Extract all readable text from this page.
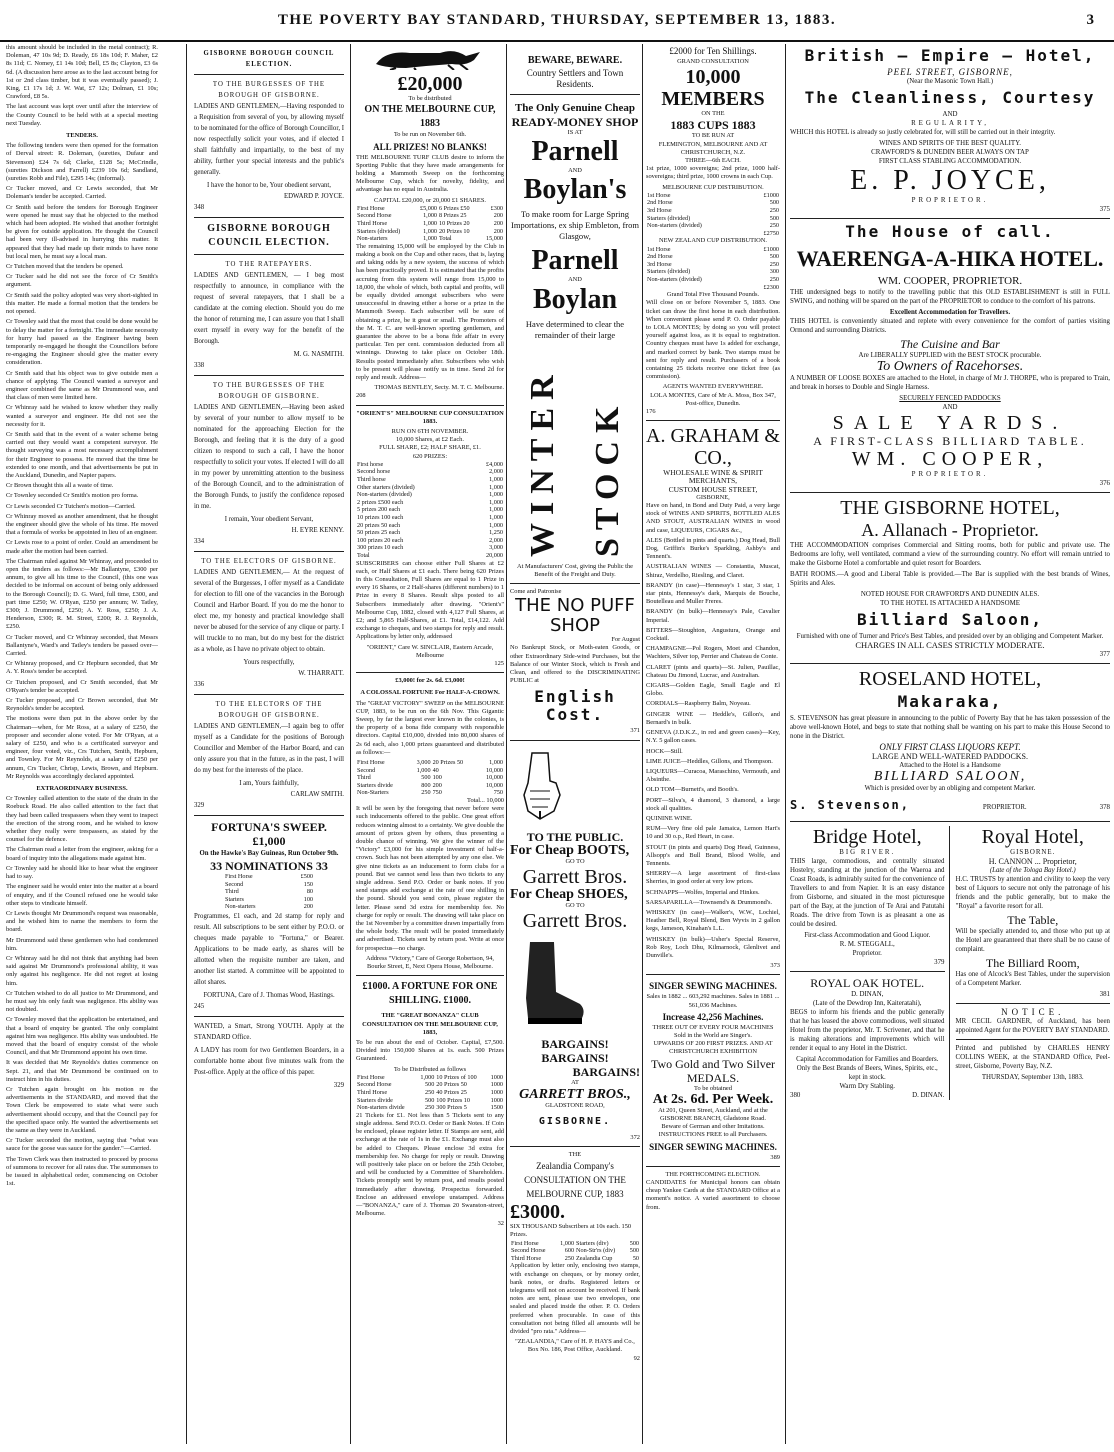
THE POVERTY BAY STANDARD, THURSDAY, SEPTEMBER 13, 1883.	3

this amount should be included in the metal contract); R. Doleman, 47 10s 9d; D. Ready, £6 18s 10d; F. Maher, £2 8s 11d; C. Nomey, £1 14s 10d; Bell, £5 8s; Clayton, £3 6s 6d. (A discussion here arose as to the last account being for 1st or 2nd class timber, but it was eventually passed); J. King, £1 17s 1d; J. W. Wat, £7 12s; Dolman, £1 10s; Crawford, £8 5s.

The last account was kept over until after the interview of the County Council to be held with at a special meeting next Tuesday.

TENDERS.

The following tenders were then opened for the formation of Derval street: R. Doleman, (sureties, Dufaur and Stevenson) £24 7s 6d; Clarke, £128 5s; McCrindle, (sureties Dickson and Farrell) £239 10s 6d; Sandland, (sureties Robb and File), £295 14s; (informal).

Cr Tucker moved, and Cr Lewis seconded, that Mr Doleman's tender be accepted. Carried.

Cr Smith said before the tenders for Borough Engineer were opened he must say that he objected to the method which had been adopted. He wished that another fortnight be given for outside application. He thought the Council had been very ill-advised in hurrying this matter. It appeared that they had made up their minds to have none but local men, he must say a local man.

Cr Tutchen moved that the tenders be opened.

Cr Tucker said he did not see the force of Cr Smith's argument.

Cr Smith said the policy adopted was very short-sighted in this matter. He made a formal motion that the tenders be not opened.

Cr Townley said that the most that could be done would be to delay the matter for a fortnight. The immediate necessity for hurry had passed as the Engineer having been temporarily re-engaged he thought the Councillors before re-engaging the Engineer should give the matter every consideration.

Cr Smith said that his object was to give outside men a chance of applying. The Council wanted a surveyor and engineer combined the same as Mr Drummond was, and that class of men were limited here.

Cr Whinray said he wished to know whether they really wanted a surveyor and engineer. He did not see the necessity for it.

Cr Smith said that in the event of a water scheme being carried out they would want a competent surveyor. He thought surveying was a most necessary accomplishment for their Engineer to possess. He moved that the time be extended to one month, and that advertisements be put in the Auckland, Dunedin, and Napier papers.

Cr Brown thought this all a waste of time.

Cr Townley seconded Cr Smith's motion pro forma.

Cr Lewis seconded Cr Tutchen's motion—Carried.

Cr Whinray moved as another amendment, that he thought the engineer should give the whole of his time. He moved that a formula of works be appointed in lieu of an engineer.

Cr Lewis rose to a point of order. Could an amendment be made after the motion had been carried.

The Chairman ruled against Mr Whinray, and proceeded to open the tenders as follows:—Mr Ballantyne, £300 per annum, to give all his time to the Council, (this one was decided to be informal on account of being only addressed to the Borough Council); D. G. Ward, full time, £300, and part time £250; W. O'Ryan, £250 per annum; W. Tatley, £300; J. Drummond, £250; A. Y. Ross, £250; J. A. Henderson, £300; R. M. Street, £200; R. J. Reynolds, £250.

Cr Tucker moved, and Cr Whinray seconded, that Messrs Ballantyne's, Ward's and Tatley's tenders be passed over—Carried.

Cr Whinray proposed, and Cr Hepburn seconded, that Mr A. Y. Ross's tender be accepted.

Cr Tutchen proposed, and Cr Smith seconded, that Mr O'Ryan's tender be accepted.

Cr Tucker proposed, and Cr Brown seconded, that Mr Reynolds's tender be accepted.

The motions were then put in the above order by the Chairman—when, for Mr Ross, at a salary of £250, the proposer and seconder alone voted. For Mr O'Ryan, at a salary of £250, and who is a certificated surveyor and engineer, four voted, viz., Crs Tutchen, Smith, Hepburn, and Townley. For Mr Reynolds, at a salary of £250 per annum, Crs Tucker, Chrisp, Lewis, Brown, and Hepburn. Mr Reynolds was accordingly declared appointed.

EXTRAORDINARY BUSINESS.

Cr Townley called attention to the state of the drain in the Roebuck Road. He also called attention to the fact that they had been called trespassers when they went to inspect the erection of the strong room, and he wished to know whether they really were trespassers, as stated by the counsel for the defence.

The Chairman read a letter from the engineer, asking for a board of inquiry into the allegations made against him.

Cr Townley said he should like to hear what the engineer had to say.

The engineer said he would enter into the matter at a board of enquiry, and if the Council refused one he would take other steps to vindicate himself.

Cr Lewis thought Mr Drummond's request was reasonable, and he wished him to name the members to form the board.

Mr Drummond said these gentlemen who had condemned him.

Cr Whinray said he did not think that anything had been said against Mr Drummond's professional ability, it was only against his negligence. He did not regret at losing him.

Cr Tutchen wished to do all justice to Mr Drummond, and he must say his only fault was negligence. His ability was not doubted.

Cr Townley moved that the application be entertained, and that a board of enquiry be granted. The only complaint against him was negligence. His ability was undoubted. He moved that the board of enquiry consist of the whole Council, and that Mr Drummond appoint his own time.

It was decided that Mr Reynolds's duties commence on Sept. 21, and that Mr Drummond be continued on to instruct him in his duties.

Cr Tutchen again brought on his motion re the advertisements in the STANDARD, and moved that the Town Clerk be empowered to state what were such advertisement should occupy, and that the Council pay for the specified space only. He wanted the advertisements set the same as they were in Auckland.

Cr Tucker seconded the motion, saying that "what was sauce for the goose was sauce for the gander."—Carried.

The Town Clerk was then instructed to proceed by process of summons to recover for all rates due. The summonses to be issued in alphabetical order, commencing on October 1st.

GISBORNE BOROUGH COUNCIL ELECTION.
TO THE BURGESSES OF THE BOROUGH OF GISBORNE.

LADIES AND GENTLEMEN,—Having responded to a Requisition from several of you, by allowing myself to be nominated for the office of Borough Councillor, I now respectfully solicit your votes, and if elected I shall faithfully and impartially, to the best of my ability, further your special interests and the public's generally.

I have the honor to be, Your obedient servant,
EDWARD P. JOYCE.
348
GISBORNE BOROUGH COUNCIL ELECTION.
TO THE RATEPAYERS.

LADIES AND GENTLEMEN, — I beg most respectfully to announce, in compliance with the request of several ratepayers, that I shall be a candidate at the coming election. Should you do me the honor of returning me, I can assure you that I shall exert myself in every way for the benefit of the Borough.

M. G. NASMITH.
338
TO THE BURGESSES OF THE BOROUGH OF GISBORNE.

LADIES AND GENTLEMEN,—Having been asked by several of your number to allow myself to be nominated for the approaching Election for the Borough, and feeling that it is the duty of a good citizen to respond to such a call, I have the honor respectfully to solicit your votes. If elected I will do all in my power by unremitting attention to the business of the Borough Council, and to the administration of the Borough Funds, to justify the confidence reposed in me.

I remain, Your obedient Servant,
H. EYRE KENNY.
334
TO THE ELECTORS OF GISBORNE.

LADIES AND GENTLEMEN,— At the request of several of the Burgesses, I offer myself as a Candidate for election to fill one of the vacancies in the Borough Council and Harbor Board. If you do me the honor to elect me, my honesty and practical knowledge shall never be abused for the service of any clique or party. I will truckle to no man, but do my best for the district as a whole, as I have no private object to obtain.

Yours respectfully,
W. THARRATT.
336
TO THE ELECTORS OF THE BOROUGH OF GISBORNE.

LADIES AND GENTLEMEN,—I again beg to offer myself as a Candidate for the positions of Borough Councillor and Member of the Harbor Board, and can only assure you that in the future, as in the past, I will do my best for the interests of the place.

I am, Yours faithfully,
CARLAW SMITH.
329
FORTUNA'S SWEEP. £1,000
On the Hawke's Bay Guineas, Run October 9th.
33 NOMINATIONS 33
First Horse	£500
Second	150
Third	80
Starters	100
Non-starters	200

Programmes, £1 each, and 2d stamp for reply and result. All subscriptions to be sent either by P.O.O. or cheques made payable to "Fortuna," or Bearer. Applications to be made early, as shares will be allotted when the requisite number are taken, and another list started. A committee will be appointed to allot shares.

FORTUNA, Care of J. Thomas Wood, Hastings.
245

WANTED, a Smart, Strong YOUTH. Apply at the STANDARD Office.

A LADY has room for two Gentlemen Boarders, in a comfortable home about five minutes walk from the Post-office. Apply at the office of this paper.

329
£20,000
To be distributed
ON THE MELBOURNE CUP, 1883
To be run on November 6th.
ALL PRIZES! NO BLANKS!

THE MELBOURNE TURF CLUB desire to inform the Sporting Public that they have made arrangements for holding a Mammoth Sweep on the forthcoming Melbourne Cup, which for novelty, fidelity, and advantage has no equal in Australia.

CAPITAL £20,000, or 20,000 £1 SHARES.
First Horse	£5,000	6 Prizes £50	£300
Second Horse	1,000	8 Prizes 25	200
Third Horse	1,000	10 Prizes 20	200
Starters (divided)	1,000	20 Prizes 10	200
Non-starters	1,000	Total	15,000

The remaining 15,000 will be employed by the Club in making a book on the Cup and other races, that is, laying and taking odds by a new system, the success of which has been practically proved. It is estimated that the profits accruing from this system will range from 15,000 to 18,000, the whole of which, both capital and profits, will be equally divided amongst subscribers who were unsuccessful in drawing either a horse or a prize in the Mammoth Sweep. Each subscriber will be sure of obtaining a prize, be it great or small. The Promoters of the M. T. C. are well-known sporting gentlemen, and guarantee the above to be a bona fide affair in every particular. Ten per cent. commission deducted from all winnings. Drawing to take place on October 18th. Results posted immediately after. Subscribers who wish to be present will please notify us in time. Send 2d for reply and result. Address—

THOMAS BENTLEY, Secty. M. T. C. Melbourne.
208
"ORIENT'S" MELBOURNE CUP CONSULTATION 1883.
RUN ON 6TH NOVEMBER.
10,000 Shares, at £2 Each.
FULL SHARE, £2; HALF SHARE, £1.
620 PRIZES:
First horse	£4,000
Second horse	2,000
Third horse	1,000
Other starters (divided)	1,000
Non-starters (divided)	1,000
2 prizes £500 each	1,000
5 prizes 200 each	1,000
10 prizes 100 each	1,000
20 prizes 50 each	1,000
50 prizes 25 each	1,250
100 prizes 20 each	2,000
300 prizes 10 each	3,000
Total	20,000

SUBSCRIBERS can choose either Full Shares at £2 each, or Half Shares at £1 each. There being 620 Prizes in this Consultation, Full Shares are equal to 1 Prize in every 16 Shares, or 2 Half-shares (different numbers) to 1 Prize in every 8 Shares. Result slips posted to all Subscribers immediately after drawing. "Orient's" Melbourne Cup, 1882, closed with 4,127 Full Shares, at £2; and 5,865 Half-Shares, at £1. Total, £14,122. Add exchange to cheques, and two stamps for reply and result. Applications by letter only, addressed

"ORIENT," Care W. SINCLAIR, Eastern Arcade, Melbourne
125
£3,000! for 2s. 6d. £3,000!
A COLOSSAL FORTUNE For HALF-A-CROWN.

The "GREAT VICTORY" SWEEP on the MELBOURNE CUP, 1883, to be run on the 6th Nov. This Gigantic Sweep, by far the largest ever known in the colonies, is the property of a bona fide company with responsible directors. Capital £10,000, divided into 80,000 shares of 2s 6d each, also 1,000 prizes guaranteed and distributed as follows:—

First Horse	3,000	20 Prizes 50	1,000
Second	1,000	40	10,000
Third	500	100	10,000
Starters divide	800	200	10,000
Non-Starters	250	750	750
Total... 10,000

It will be seen by the foregoing that never before were such inducements offered to the public. One great effort reduces winning almost to a certainty. We give double the amount of prizes given by others, thus presenting a double chance of winning. We give the winner of the "Victory" £3,000 for his simple investment of half-a-crown. Such has not been attempted by any one else. We give nine tickets as an inducement to form clubs for a pound. But we cannot send less than two tickets to any single address. Send P.O. Order or bank notes. If you send stamps add exchange at the rate of one shilling in the pound. Should you send coin, please register the letter. Please send 3d extra for membership fee. No charge for reply or result. The drawing will take place on the 1st November by a committee drawn impartially from the whole body. The result will be posted immediately and advertised. Tickets sent by return post. Write at once for prospectus—no charge.

Address "Victory," Care of George Robertson, 94, Bourke Street, E, Next Opera House, Melbourne.
£1000. A FORTUNE FOR ONE SHILLING. £1000.
THE "GREAT BONANZA" CLUB CONSULTATION ON THE MELBOURNE CUP, 1883,

To be run about the end of October. Capital, £7,500. Divided into 150,000 Shares at 1s. each. 500 Prizes Guaranteed.

To be Distributed as follows
First Horse	1,000	10 Prizes of 100	1000
Second Horse	500	20 Prizes 50	1000
Third Horse	250	40 Prizes 25	1000
Starters divide	500	100 Prizes 10	1000
Non-starters divide	250	300 Prizes 5	1500

21 Tickets for £1. Not less than 5 Tickets sent to any single address. Send P.O.O. Order or Bank Notes. If Coin be enclosed, please register letter. If Stamps are sent, add exchange at the rate of 1s in the £1. Exchange must also be added to Cheques. Please enclose 3d extra for membership fee. No charge for reply or result. Drawing will positively take place on or before the 25th October, and will be conducted by a Committee of Shareholders. Tickets promptly sent by return post, and results posted immediately after drawing. Prospectus forwarded. Enclose an addressed envelope unstamped. Address—"BONANZA," care of J. Thomas 20 Swanston-street, Melbourne.

32
BEWARE, BEWARE.
Country Settlers and Town Residents.
The Only Genuine Cheap
READY-MONEY SHOP
IS AT
Parnell
AND
Boylan's
To make room for Large Spring Importations, ex ship Embleton, from Glasgow,
Parnell
AND
Boylan
Have determined to clear the remainder of their large
WINTER STOCK
At Manufacturers' Cost, giving the Public the Benefit of the Freight and Duty.
Come and Patronise
THE NO PUFF SHOP
For August

No Bankrupt Stock, or Moth-eaten Goods, or other Extraordinary Side-wind Purchases, but the Balance of our Winter Stock, which is Fresh and Clean, and offered to the DISCRIMINATING PUBLIC at

English Cost.
371
TO THE PUBLIC.
For Cheap BOOTS,
GO TO
Garrett Bros.
For Cheap SHOES,
GO TO
Garrett Bros.
BARGAINS!
BARGAINS!
BARGAINS!
AT
GARRETT BROS.,
GLADSTONE ROAD,
GISBORNE.
372
THE
Zealandia Company's CONSULTATION ON THE MELBOURNE CUP, 1883
£3000.
SIX THOUSAND Subscribers at 10s each. 150 Prizes.
First Horse	1,000	Starters (div)	500
Second Horse	600	Non-Str'rs (div)	500
Third Horse	250	Zealandia Cup	50

Application by letter only, enclosing two stamps, with exchange on cheques, or by money order, bank notes, or drafts. Registered letters or telegrams will not on account be received. If bank notes are sent, please use two envelopes, one sealed and placed inside the other. P. O. Orders preferred when procurable. In case of this consultation not being filled all amounts will be divided "pro rata." Address—

"ZEALANDIA," Care of H. P. HAYS and Co., Box No. 186, Post Office, Auckland.
92
£2000 for Ten Shillings.
GRAND CONSULTATION
10,000 MEMBERS
ON THE
1883 CUPS 1883
TO BE RUN AT
FLEMINGTON, MELBOURNE AND AT CHRISTCHURCH, N.Z.
THREE—6th EACH.

1st prize, 1000 sovereigns; 2nd prize, 1000 half-sovereigns; third prize, 1000 crowns in each Cup.

MELBOURNE CUP DISTRIBUTION.
1st Horse	£1000
2nd Horse	500
3rd Horse	250
Starters (divided)	500
Non-starters (divided)	250
	£2750
NEW ZEALAND CUP DISTRIBUTION.
1st Horse	£1000
2nd Horse	500
3rd Horse	250
Starters (divided)	300
Non-starters (divided)	250
	£2300
Grand Total Five Thousand Pounds.

Will close on or before November 5, 1883. One ticket can draw the first horse in each distribution. When convenient please send P. O. Order payable to LOLA MONTES; by doing so you will protect yourself against loss, as it is equal to registration. Country cheques must have 1s added for exchange, and marked correct by bank. Two stamps must be sent for reply and result. Purchasers of a book containing 25 tickets receive one ticket free (as commission).

AGENTS WANTED EVERYWHERE.
LOLA MONTES, Care of Mr A. Moss, Box 347, Post-office, Dunedin.
176
A. GRAHAM & CO.,
WHOLESALE WINE & SPIRIT MERCHANTS,
CUSTOM HOUSE STREET,
GISBORNE,

Have on hand, in Bond and Duty Paid, a very large stock of WINES AND SPIRITS, BOTTLED ALES AND STOUT, AUSTRALIAN WINES in wood and case, LIQUEURS, CIGARS &c.,

ALES (Bottled in pints and quarts.) Dog Head, Bull Dog, Griffin's Burke's Sparkling, Ashby's and Tennent's.

AUSTRALIAN WINES — Constantia, Muscat, Shiraz, Verdelho, Riesling, and Claret.

BRANDY (in case)—Hennessy's 1 star, 3 star, 1 star pints, Hennessy's dark, Marquis de Bouche, Boutelleau and Muller Freres.

BRANDY (in bulk)—Hennessy's Pale, Cavalier Imperial.

BITTERS—Stoughton, Angustura, Orange and Cocktail.

CHAMPAGNE—Pol Rogers, Moet and Chandon, Wachters, Silver top, Perrier and Chateau de Conte.

CLARET (pints and quarts)—St. Julien, Pauillac, Chateau Du Jimond, Lucrac, and Australian.

CIGARS—Golden Eagle, Small Eagle and El Globo.

CORDIALS—Raspberry Balm, Noyeau.

GINGER WINE — Heddle's, Gillon's, and Bernard's in bulk.

GENEVA (J.D.K.Z., in red and green cases)—Key, N.Y. 5 gallon cases.

HOCK—Still.

LIME JUICE—Heddles, Gillons, and Thompson.

LIQUEURS—Curacoa, Maraschino, Vermouth, and Absinthe.

OLD TOM—Burnett's, and Booth's.

PORT—Silva's, 4 diamond, 3 diamond, a large stock all qualities.

QUININE WINE.

RUM—Very fine old pale Jamaica, Lemon Hart's 10 and 30 o.p., Red Heart, in case.

STOUT (in pints and quarts) Dog Head, Guinness, Allsopp's and Bull Brand, Blood Wolfe, and Tennents.

SHERRY—A large assortment of first-class Sherries, in good order at very low prices.

SCHNAPPS—Wolfes, Imperial and Hinkes.

SARSAPARILLA—Townsend's & Drummond's.

WHISKEY (in case)—Walker's, W.W., Lochiel, Heather Bell, Royal Blend, Ben Wyvis in 2 gallon kegs, Jameson, Kinahan's L.L.

WHISKEY (in bulk)—Usher's Special Reserve, Rob Roy, Loch Dhu, Kilmarnock, Glenlivet and Dunville's.

373
SINGER SEWING MACHINES.
Sales in 1882 ... 603,292 machines. Sales in 1881 ... 561,036 Machines.
Increase 42,256 Machines.
THREE OUT OF EVERY FOUR MACHINES Sold in the World are Singer's.
UPWARDS OF 200 FIRST PRIZES. AND AT CHRISTCHURCH EXHIBITION
Two Gold and Two Silver MEDALS.
To be obtained
At 2s. 6d. Per Week.
At 201, Queen Street, Auckland, and at the GISBORNE BRANCH, Gladstone Road.
Beware of German and other Imitations.
INSTRUCTIONS FREE to all Purchasers.
SINGER SEWING MACHINES.
389
THE FORTHCOMING ELECTION.

CANDIDATES for Municipal honors can obtain cheap Yankee Cards at the STANDARD Office at a moment's notice. A varied assortment to choose from.

British — Empire — Hotel,
PEEL STREET, GISBORNE,
(Near the Masonic Town Hall.)
The Cleanliness, Courtesy
AND
REGULARITY,

WHICH this HOTEL is already so justly celebrated for, will still be carried out in their integrity.

WINES AND SPIRITS OF THE BEST QUALITY.
CRAWFORD'S & DUNEDIN BEER ALWAYS ON TAP
FIRST CLASS STABLING ACCOMMODATION.
E. P. JOYCE,
PROPRIETOR.
375
The House of call.
WAERENGA-A-HIKA HOTEL.
WM. COOPER, PROPRIETOR.

THE undersigned begs to notify to the travelling public that this OLD ESTABLISHMENT is still in FULL SWING, and nothing will be spared on the part of the PROPRIETOR to conduce to the comfort of his patrons.

Excellent Accommodation for Travellers.

THIS HOTEL is conveniently situated and replete with every convenience for the comfort of parties visiting Ormond and surrounding Districts.

The Cuisine and Bar
Are LIBERALLY SUPPLIED with the BEST STOCK procurable.
To Owners of Racehorses.

A NUMBER OF LOOSE BOXES are attached to the Hotel, in charge of Mr J. THORPE, who is prepared to Train, and break in horses to Double and Single Harness.

SECURELY FENCED PADDOCKS
AND
SALE YARDS.
A FIRST-CLASS BILLIARD TABLE.
WM. COOPER,
PROPRIETOR.
376
THE GISBORNE HOTEL,
A. Allanach - Proprietor.

THE ACCOMMODATION comprises Commercial and Sitting rooms, both for public and private use. The Bedrooms are lofty, well ventilated, command a view of the surrounding country. No effort will remain untried to make the Gisborne Hotel a comfortable and quiet resort for Boarders.

BATH ROOMS.—A good and Liberal Table is provided.—The Bar is supplied with the best brands of Wines, Spirits and Ales.

NOTED HOUSE FOR CRAWFORD'S AND DUNEDIN ALES.
TO THE HOTEL IS ATTACHED A HANDSOME
Billiard Saloon,
Furnished with one of Turner and Price's Best Tables, and presided over by an obliging and Competent Marker.
CHARGES IN ALL CASES STRICTLY MODERATE.
377
ROSELAND HOTEL,
Makaraka,

S. STEVENSON has great pleasure in announcing to the public of Poverty Bay that he has taken possession of the above well-known Hotel, and begs to state that nothing shall be wanting on his part to make this House Second to none in the District.

ONLY FIRST CLASS LIQUORS KEPT.
LARGE AND WELL-WATERED PADDOCKS.
Attached to the Hotel is a Handsome
BILLIARD SALOON,
Which is presided over by an obliging and competent Marker.
S. Stevenson,	PROPRIETOR.	378
Bridge Hotel,
BIG RIVER.

THIS large, commodious, and centrally situated Hostelry, standing at the junction of the Waeroa and Coast Roads, is admirably suited for the convenience of Travellers to and from Napier. It is an easy distance from Gisborne, and situated in the most picturesque part of the Bay, at the junction of Te Arai and Patutahi Roads. The drive from Town is as pleasant a one as could be desired.

First-class Accommodation and Good Liquor.
R. M. STEGGALL,
Proprietor.
379
ROYAL OAK HOTEL.
D. DINAN,
(Late of the Dewdrop Inn, Kaiteratahi),

BEGS to inform his friends and the public generally that he has leased the above commodious, well situated Hotel from the proprietor, Mr. T. Scrivener, and that he is making alterations and improvements which will render it equal to any Hotel in the District.

Capital Accommodation for Families and Boarders.
Only the Best Brands of Beers, Wines, Spirits, etc., kept in stock.
Warm Dry Stabling.
380	D. DINAN.
Royal Hotel,
GISBORNE.
H. CANNON ... Proprietor,
(Late of the Tologa Bay Hotel.)

H.C. TRUSTS by attention and civility to keep the very best of Liquors to secure not only the patronage of his friends and the public generally, but to make the "Royal" a favorite resort for all.

The Table,

Will be specially attended to, and those who put up at the Hotel are guaranteed that there shall be no cause of complaint.

The Billiard Room,

Has one of Alcock's Best Tables, under the supervision of a Competent Marker.

381
NOTICE.

MR CECIL GARDNER, of Auckland, has been appointed Agent for the POVERTY BAY STANDARD.

Printed and published by CHARLES HENRY COLLINS WEEK, at the STANDARD Office, Peel-street, Gisborne, Poverty Bay, N.Z.

THURSDAY, September 13th, 1883.
